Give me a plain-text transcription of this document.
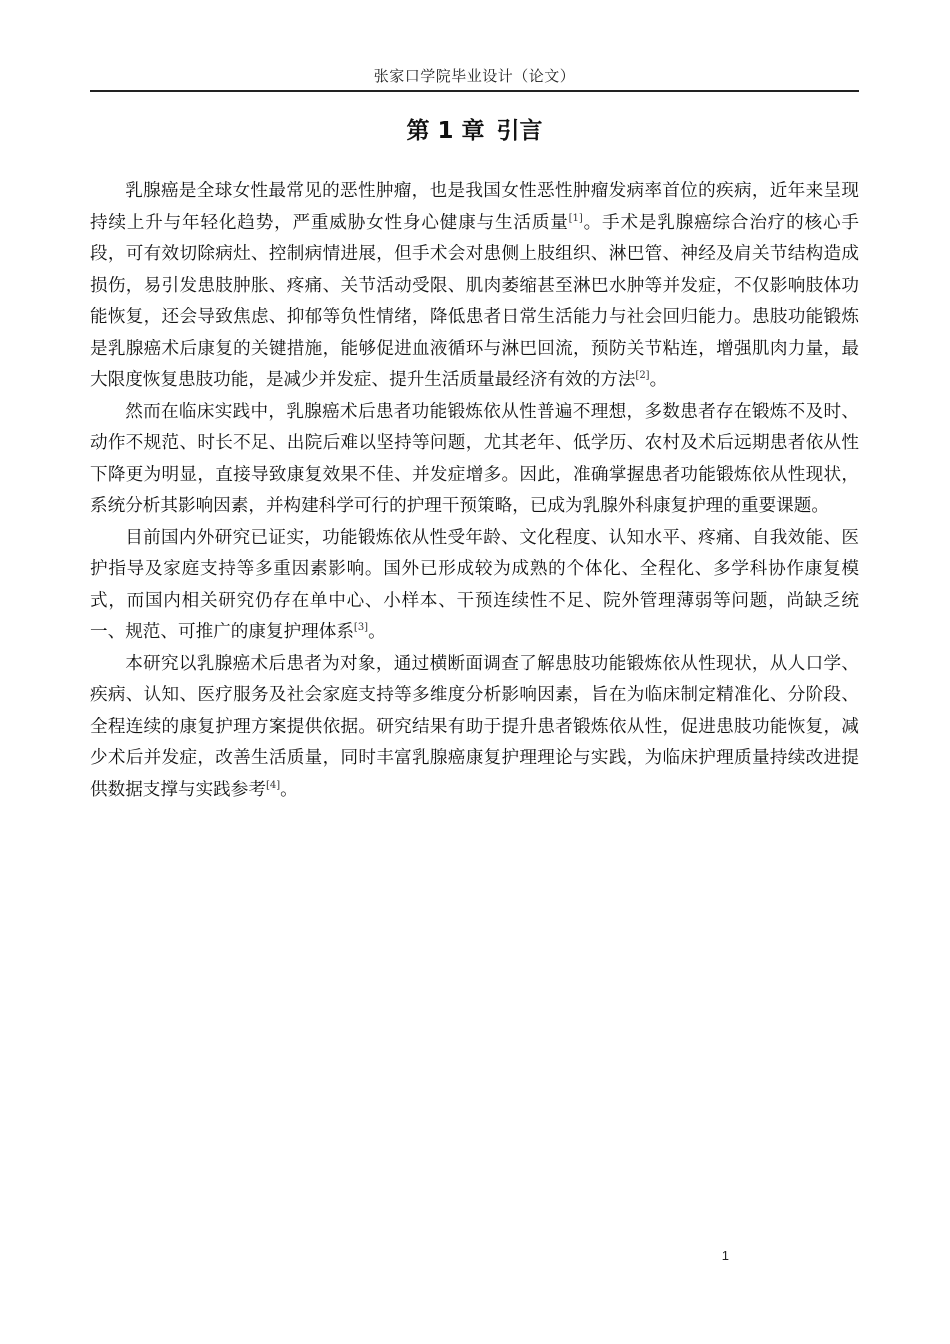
张家口学院毕业设计（论文）
第 1 章 引言

乳腺癌是全球女性最常见的恶性肿瘤，也是我国女性恶性肿瘤发病率首位的疾病，近年来呈现持续上升与年轻化趋势，严重威胁女性身心健康与生活质量[1]。手术是乳腺癌综合治疗的核心手段，可有效切除病灶、控制病情进展，但手术会对患侧上肢组织、淋巴管、神经及肩关节结构造成损伤，易引发患肢肿胀、疼痛、关节活动受限、肌肉萎缩甚至淋巴水肿等并发症，不仅影响肢体功能恢复，还会导致焦虑、抑郁等负性情绪，降低患者日常生活能力与社会回归能力。患肢功能锻炼是乳腺癌术后康复的关键措施，能够促进血液循环与淋巴回流，预防关节粘连，增强肌肉力量，最大限度恢复患肢功能，是减少并发症、提升生活质量最经济有效的方法[2]。

然而在临床实践中，乳腺癌术后患者功能锻炼依从性普遍不理想，多数患者存在锻炼不及时、动作不规范、时长不足、出院后难以坚持等问题，尤其老年、低学历、农村及术后远期患者依从性下降更为明显，直接导致康复效果不佳、并发症增多。因此，准确掌握患者功能锻炼依从性现状，系统分析其影响因素，并构建科学可行的护理干预策略，已成为乳腺外科康复护理的重要课题。

目前国内外研究已证实，功能锻炼依从性受年龄、文化程度、认知水平、疼痛、自我效能、医护指导及家庭支持等多重因素影响。国外已形成较为成熟的个体化、全程化、多学科协作康复模式，而国内相关研究仍存在单中心、小样本、干预连续性不足、院外管理薄弱等问题，尚缺乏统一、规范、可推广的康复护理体系[3]。

本研究以乳腺癌术后患者为对象，通过横断面调查了解患肢功能锻炼依从性现状，从人口学、疾病、认知、医疗服务及社会家庭支持等多维度分析影响因素，旨在为临床制定精准化、分阶段、全程连续的康复护理方案提供依据。研究结果有助于提升患者锻炼依从性，促进患肢功能恢复，减少术后并发症，改善生活质量，同时丰富乳腺癌康复护理理论与实践，为临床护理质量持续改进提供数据支撑与实践参考[4]。

1
